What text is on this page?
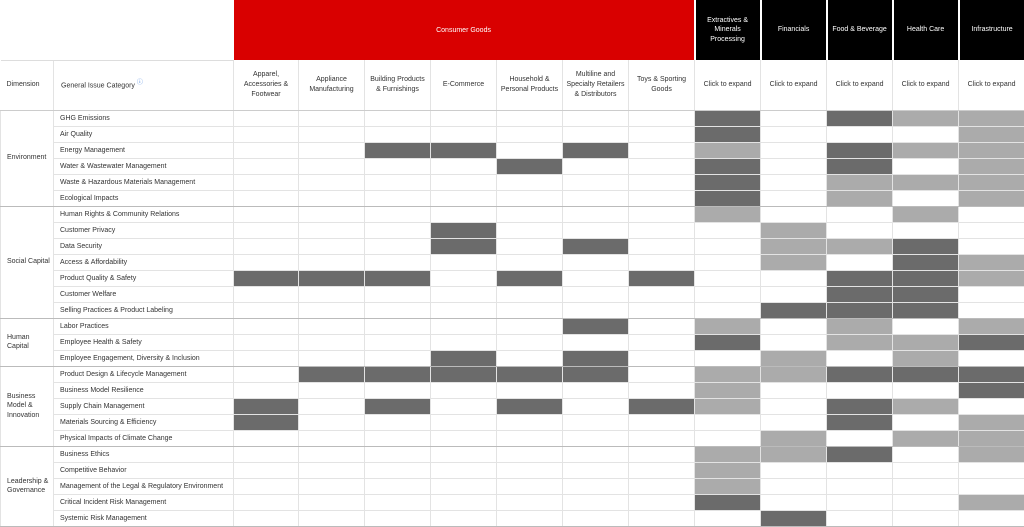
		Consumer Goods							Extractives & Minerals Processing	Financials	Food & Beverage	Health Care	Infrastructure
Dimension	General Issue Category ⓘ	Apparel, Accessories & Footwear	Appliance Manufacturing	Building Products & Furnishings	E-Commerce	Household & Personal Products	Multiline and Specialty Retailers & Distributors	Toys & Sporting Goods	Click to expand	Click to expand	Click to expand	Click to expand	Click to expand
Environment	GHG Emissions												
	Air Quality												
	Energy Management												
	Water & Wastewater Management												
	Waste & Hazardous Materials Management												
	Ecological Impacts												
Social Capital	Human Rights & Community Relations												
	Customer Privacy												
	Data Security												
	Access & Affordability												
	Product Quality & Safety												
	Customer Welfare												
	Selling Practices & Product Labeling												
Human Capital	Labor Practices												
	Employee Health & Safety												
	Employee Engagement, Diversity & Inclusion												
Business Model & Innovation	Product Design & Lifecycle Management												
	Business Model Resilience												
	Supply Chain Management												
	Materials Sourcing & Efficiency												
	Physical Impacts of Climate Change												
Leadership & Governance	Business Ethics												
	Competitive Behavior												
	Management of the Legal & Regulatory Environment												
	Critical Incident Risk Management												
	Systemic Risk Management												
